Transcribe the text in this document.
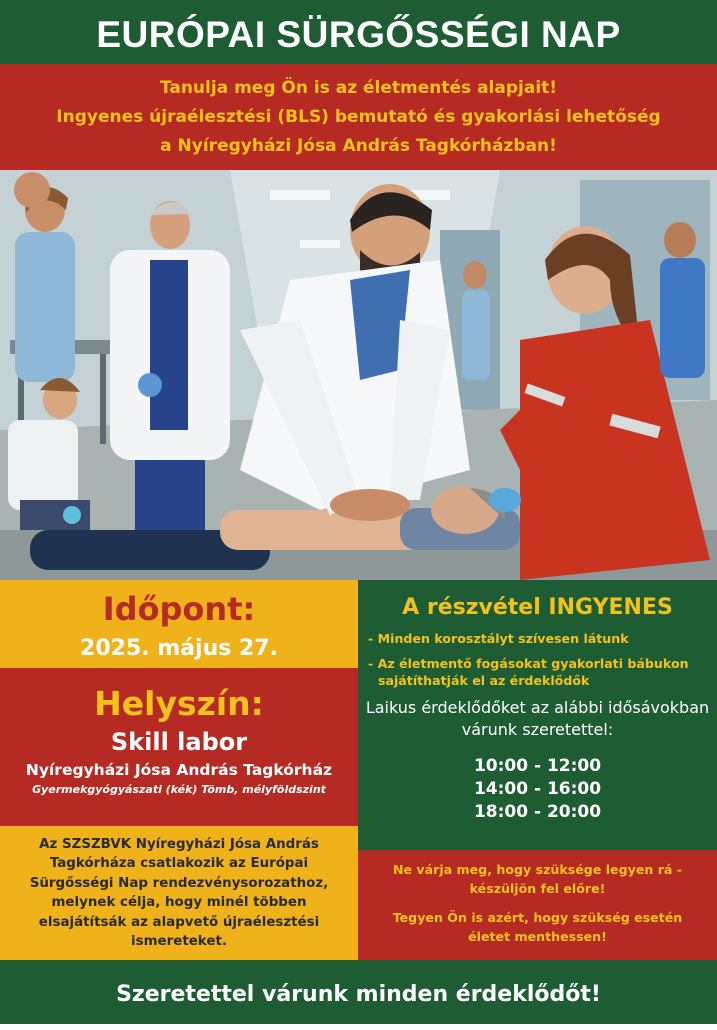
EURÓPAI SÜRGŐSSÉGI NAP
Tanulja meg Ön is az életmentés alapjait!
Ingyenes újraélesztési (BLS) bemutató és gyakorlási lehetőség
a Nyíregyházi Jósa András Tagkórházban!
Időpont:
2025. május 27.
Helyszín:
Skill labor
Nyíregyházi Jósa András Tagkórház
Gyermekgyógyászati (kék) Tömb, mélyföldszint

Az SZSZBVK Nyíregyházi Jósa András Tagkórháza csatlakozik az Európai Sürgősségi Nap rendezvénysorozathoz, melynek célja, hogy minél többen elsajátítsák az alapvető újraélesztési ismereteket.

A részvétel INGYENES
- Minden korosztályt szívesen látunk
- Az életmentő fogásokat gyakorlati bábukon sajátíthatják el az érdeklődők
Laikus érdeklődőket az alábbi idősávokban várunk szeretettel:
10:00 - 12:00
14:00 - 16:00
18:00 - 20:00
Ne várja meg, hogy szüksége legyen rá - készüljön fel előre!
Tegyen Ön is azért, hogy szükség esetén életet menthessen!
Szeretettel várunk minden érdeklődőt!
